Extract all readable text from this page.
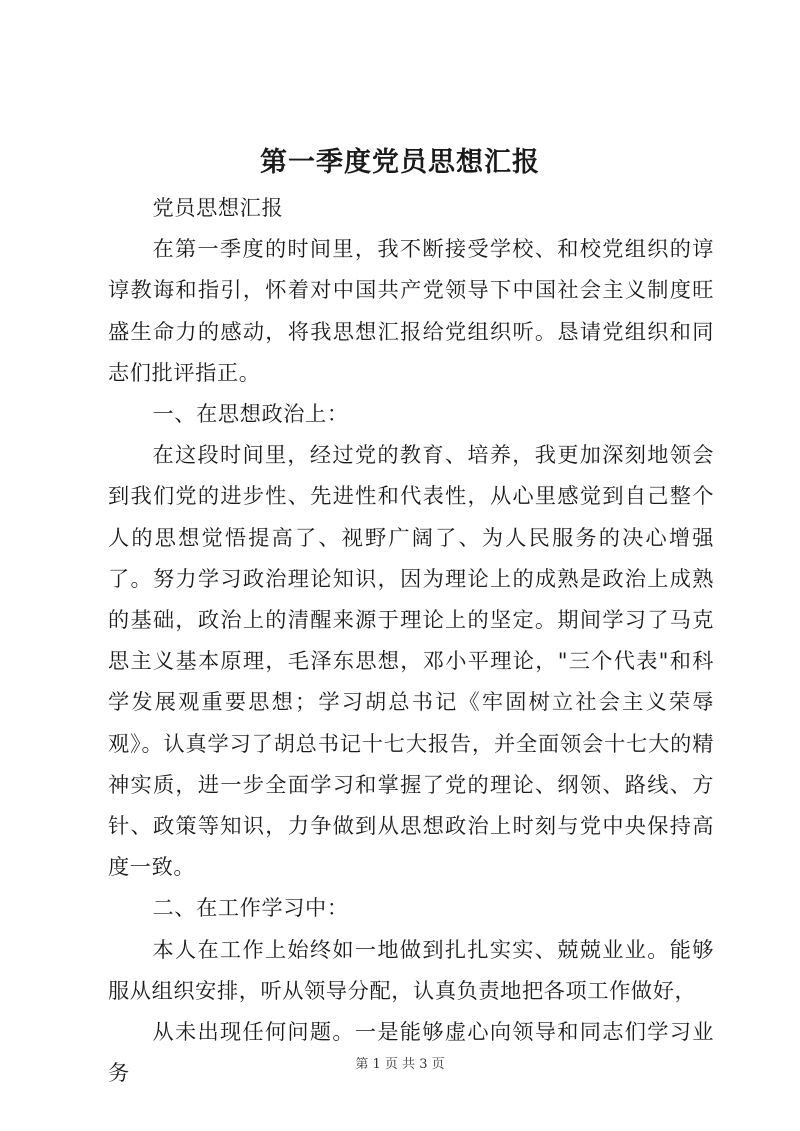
第一季度党员思想汇报

党员思想汇报

在第一季度的时间里，我不断接受学校、和校党组织的谆谆教诲和指引，怀着对中国共产党领导下中国社会主义制度旺盛生命力的感动，将我思想汇报给党组织听。恳请党组织和同志们批评指正。

一、在思想政治上：

在这段时间里，经过党的教育、培养，我更加深刻地领会到我们党的进步性、先进性和代表性，从心里感觉到自己整个人的思想觉悟提高了、视野广阔了、为人民服务的决心增强了。努力学习政治理论知识，因为理论上的成熟是政治上成熟的基础，政治上的清醒来源于理论上的坚定。期间学习了马克思主义基本原理，毛泽东思想，邓小平理论，"三个代表"和科学发展观重要思想；学习胡总书记《牢固树立社会主义荣辱观》。认真学习了胡总书记十七大报告，并全面领会十七大的精神实质，进一步全面学习和掌握了党的理论、纲领、路线、方针、政策等知识，力争做到从思想政治上时刻与党中央保持高度一致。

二、在工作学习中：

本人在工作上始终如一地做到扎扎实实、兢兢业业。能够服从组织安排，听从领导分配，认真负责地把各项工作做好，

从未出现任何问题。一是能够虚心向领导和同志们学习业务	第 1 页 共 3 页
